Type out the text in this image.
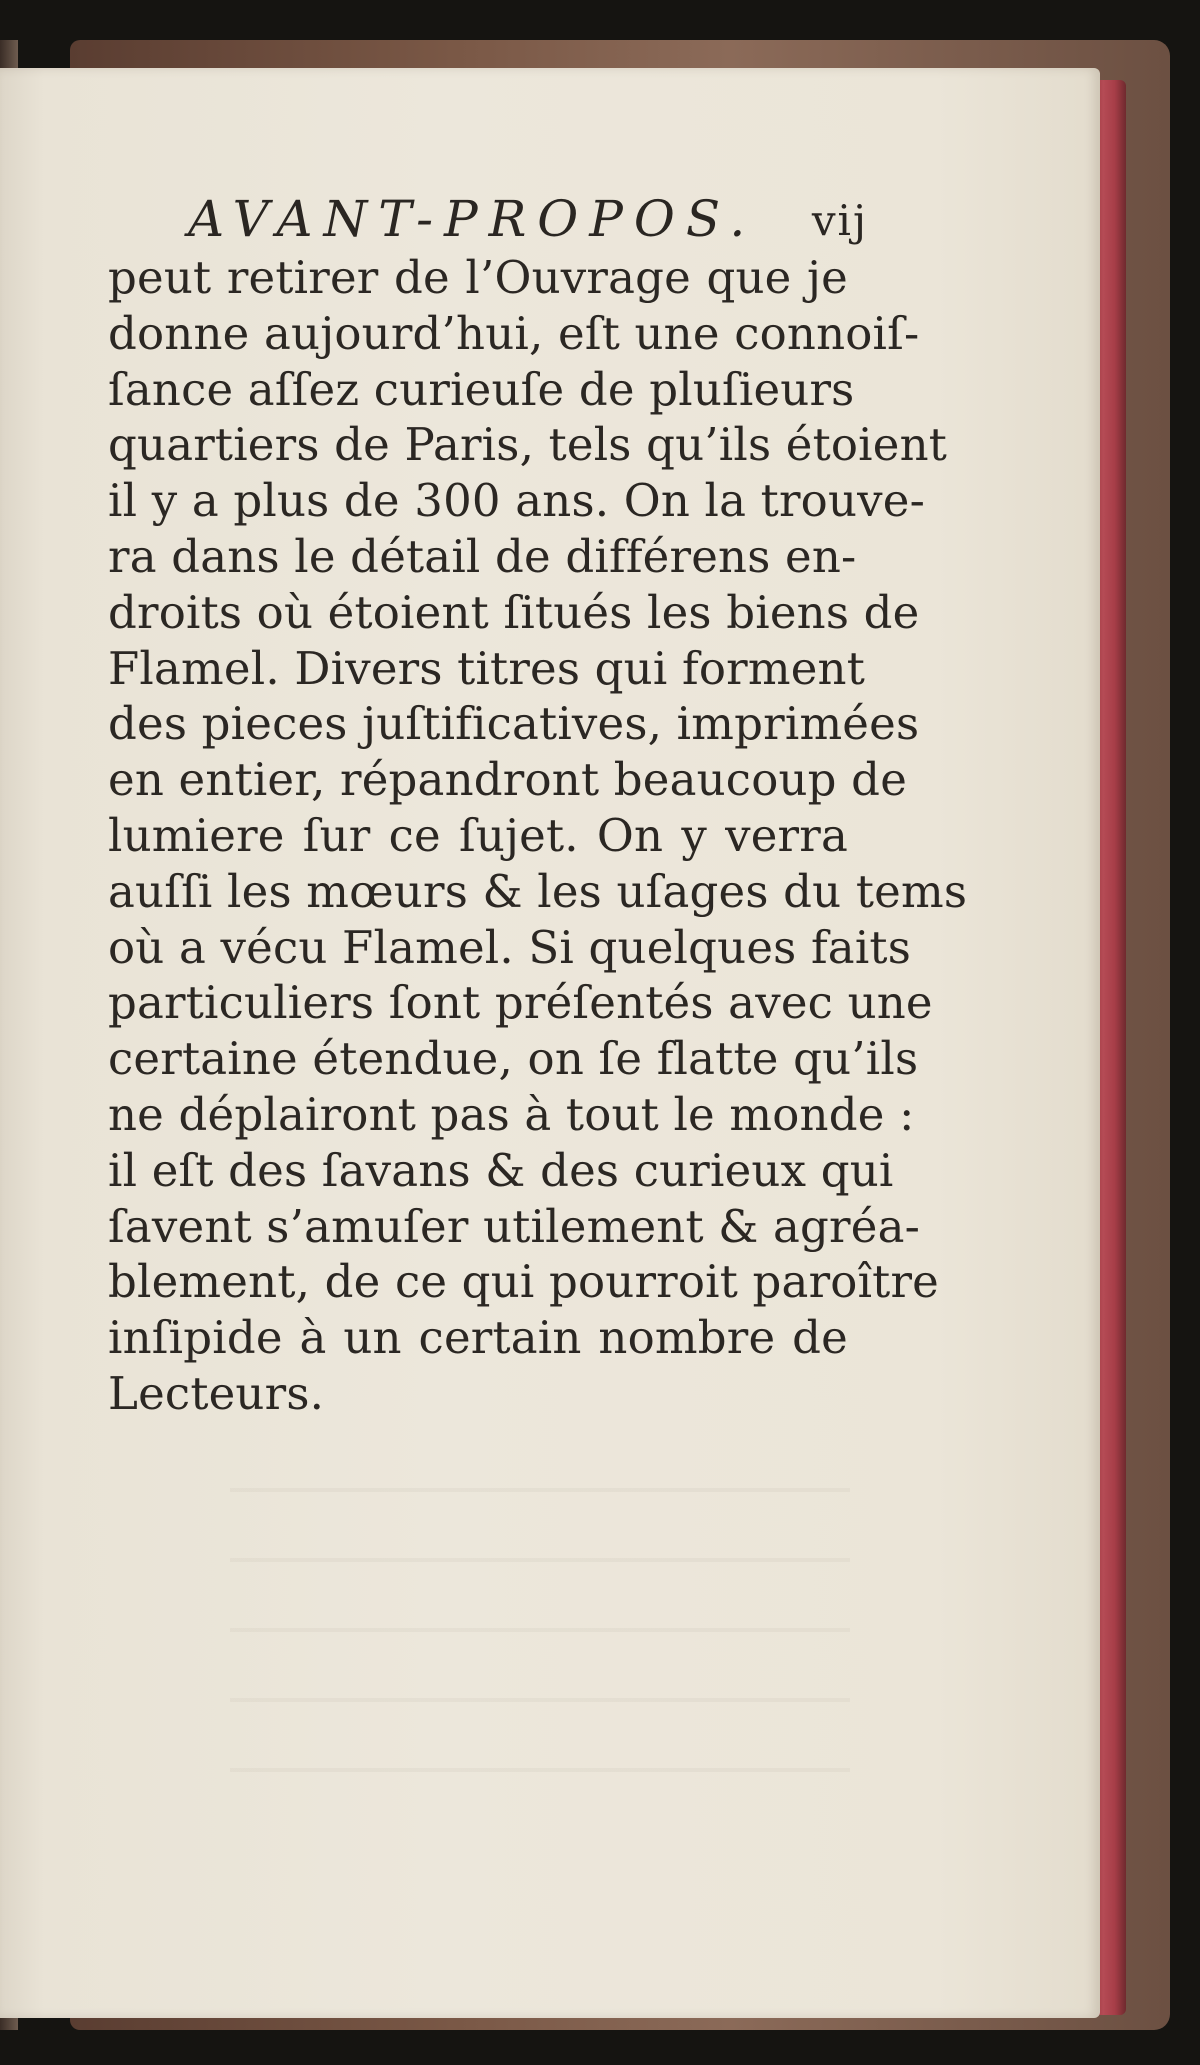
AVANT-PROPOS. vij
peut retirer de l’Ouvrage que je
donne aujourd’hui, eſt une connoiſ-
ſance aſſez curieuſe de pluſieurs
quartiers de Paris, tels qu’ils étoient
il y a plus de 300 ans. On la trouve-
ra dans le détail de différens en-
droits où étoient ſitués les biens de
Flamel. Divers titres qui forment
des pieces juſtificatives, imprimées
en entier, répandront beaucoup de
lumiere ſur ce ſujet. On y verra
auſſi les mœurs & les uſages du tems
où a vécu Flamel. Si quelques faits
particuliers ſont préſentés avec une
certaine étendue, on ſe flatte qu’ils
ne déplairont pas à tout le monde :
il eſt des ſavans & des curieux qui
ſavent s’amuſer utilement & agréa-
blement, de ce qui pourroit paroître
inſipide à un certain nombre de
Lecteurs.
